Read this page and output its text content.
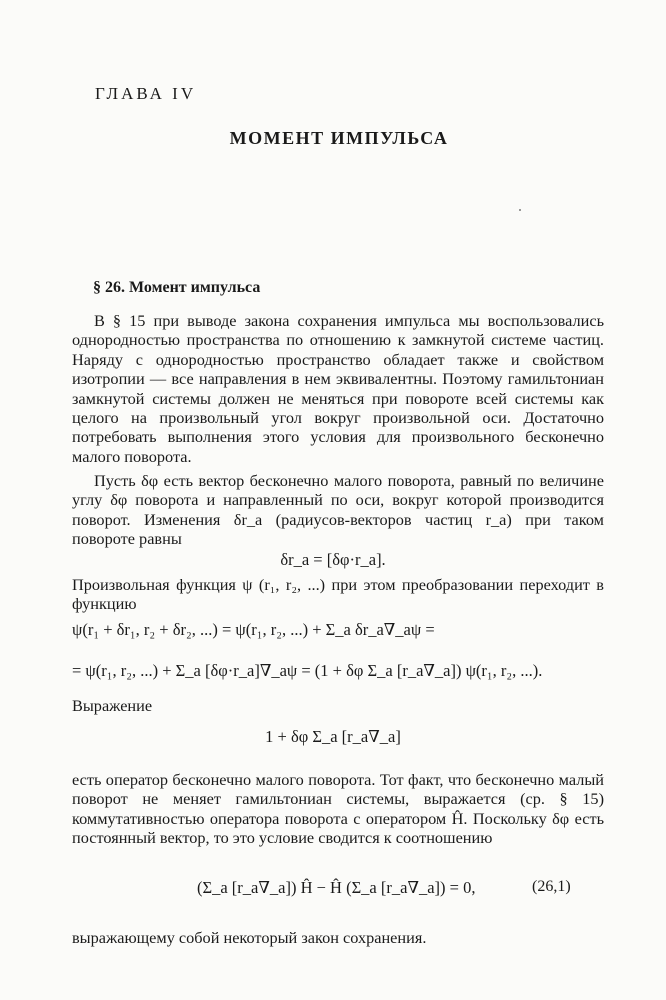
ГЛАВА IV
МОМЕНТ ИМПУЛЬСА
§ 26. Момент импульса

В § 15 при выводе закона сохранения импульса мы воспользовались однородностью пространства по отношению к замкнутой системе частиц. Наряду с однородностью пространство обладает также и свойством изотропии — все направления в нем эквивалентны. Поэтому гамильтониан замкнутой системы должен не меняться при повороте всей системы как целого на произвольный угол вокруг произвольной оси. Достаточно потребовать выполнения этого условия для произвольного бесконечно малого поворота.

Пусть δφ есть вектор бесконечно малого поворота, равный по величине углу δφ поворота и направленный по оси, вокруг которой производится поворот. Изменения δr_a (радиусов-векторов частиц r_a) при таком повороте равны

δr_a = [δφ·r_a].

Произвольная функция ψ (r₁, r₂, ...) при этом преобразовании переходит в функцию

ψ(r₁ + δr₁, r₂ + δr₂, ...) = ψ(r₁, r₂, ...) + Σ_a δr_a∇_aψ =
= ψ(r₁, r₂, ...) + Σ_a [δφ·r_a]∇_aψ = (1 + δφ Σ_a [r_a∇_a]) ψ(r₁, r₂, ...).
Выражение
1 + δφ Σ_a [r_a∇_a]

есть оператор бесконечно малого поворота. Тот факт, что бесконечно малый поворот не меняет гамильтониан системы, выражается (ср. § 15) коммутативностью оператора поворота с оператором Ĥ. Поскольку δφ есть постоянный вектор, то это условие сводится к соотношению

(Σ_a [r_a∇_a]) Ĥ − Ĥ (Σ_a [r_a∇_a]) = 0,	(26,1)
выражающему собой некоторый закон сохранения.
